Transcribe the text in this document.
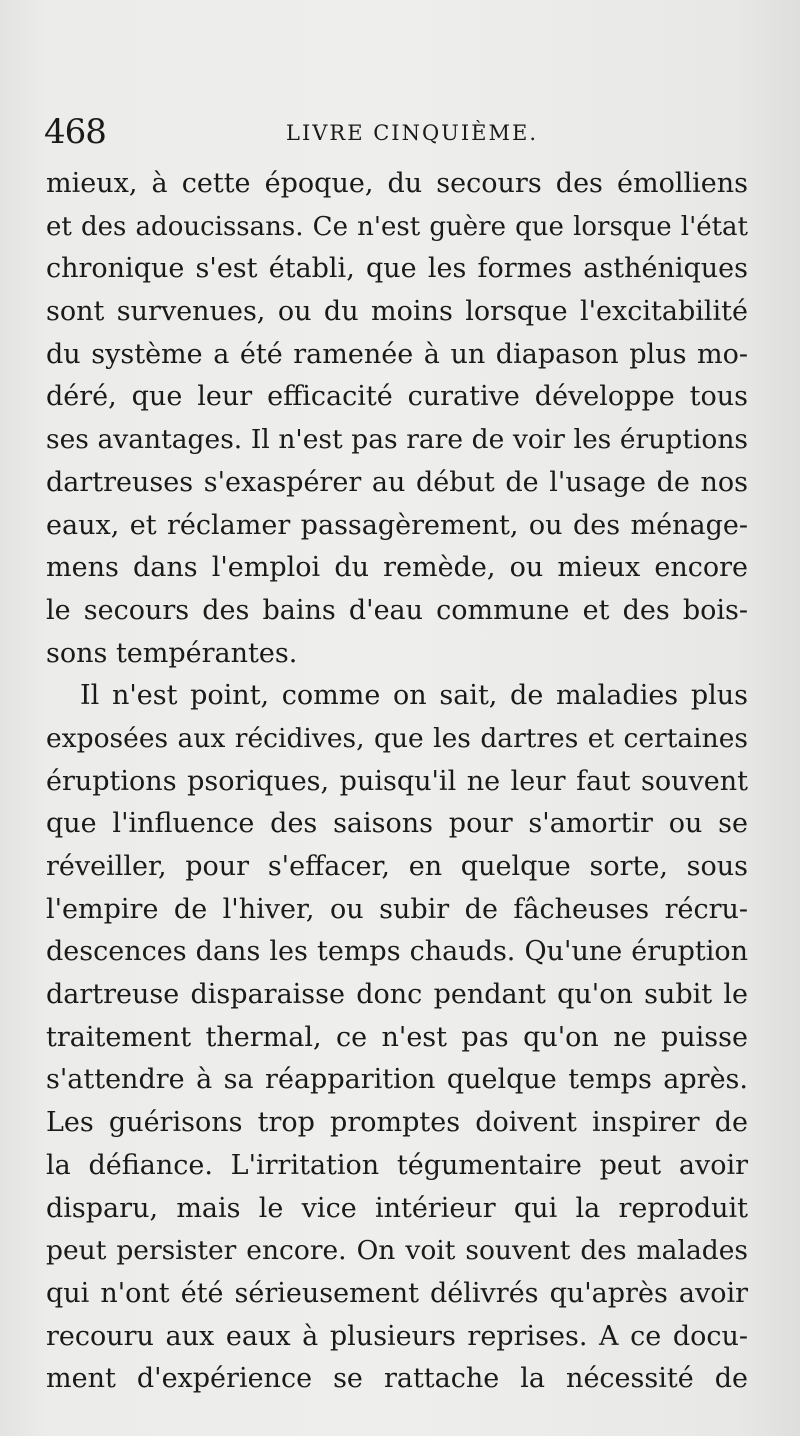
468	LIVRE CINQUIÈME.
mieux, à cette époque, du secours des émolliens
et des adoucissans. Ce n'est guère que lorsque l'état
chronique s'est établi, que les formes asthéniques
sont survenues, ou du moins lorsque l'excitabilité
du système a été ramenée à un diapason plus mo-
déré, que leur efficacité curative développe tous
ses avantages. Il n'est pas rare de voir les éruptions
dartreuses s'exaspérer au début de l'usage de nos
eaux, et réclamer passagèrement, ou des ménage-
mens dans l'emploi du remède, ou mieux encore
le secours des bains d'eau commune et des bois-
sons tempérantes.
Il n'est point, comme on sait, de maladies plus
exposées aux récidives, que les dartres et certaines
éruptions psoriques, puisqu'il ne leur faut souvent
que l'influence des saisons pour s'amortir ou se
réveiller, pour s'effacer, en quelque sorte, sous
l'empire de l'hiver, ou subir de fâcheuses récru-
descences dans les temps chauds. Qu'une éruption
dartreuse disparaisse donc pendant qu'on subit le
traitement thermal, ce n'est pas qu'on ne puisse
s'attendre à sa réapparition quelque temps après.
Les guérisons trop promptes doivent inspirer de
la défiance. L'irritation tégumentaire peut avoir
disparu, mais le vice intérieur qui la reproduit
peut persister encore. On voit souvent des malades
qui n'ont été sérieusement délivrés qu'après avoir
recouru aux eaux à plusieurs reprises. A ce docu-
ment d'expérience se rattache la nécessité de
